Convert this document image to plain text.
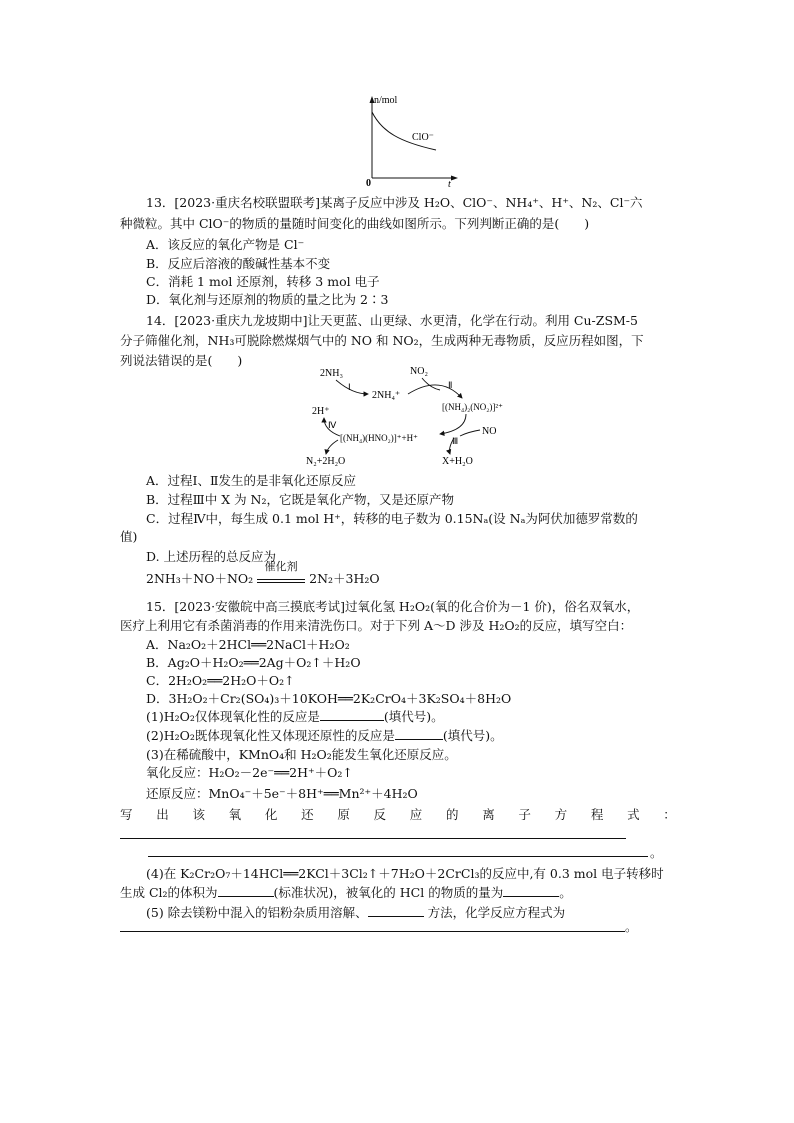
n/mol
ClO⁻
0	t
13．[2023·重庆名校联盟联考]某离子反应中涉及 H₂O、ClO⁻、NH₄⁺、H⁺、N₂、Cl⁻六
种微粒。其中 ClO⁻的物质的量随时间变化的曲线如图所示。下列判断正确的是(　　)
A．该反应的氧化产物是 Cl⁻
B．反应后溶液的酸碱性基本不变
C．消耗 1 mol 还原剂，转移 3 mol 电子
D．氧化剂与还原剂的物质的量之比为 2∶3
14．[2023·重庆九龙坡期中]让天更蓝、山更绿、水更清，化学在行动。利用 Cu-ZSM-5
分子筛催化剂，NH₃可脱除燃煤烟气中的 NO 和 NO₂，生成两种无毒物质，反应历程如图，下
列说法错误的是(　　)
2NH₃
2NH₄⁺
NO₂
[(NH₄)₂(NO₂)]²⁺
2H⁺
[(NH₄)(HNO₂)]⁺+H⁺
NO
N₂+2H₂O	X+H₂O
Ⅰ	Ⅱ
Ⅲ
Ⅳ
A．过程Ⅰ、Ⅱ发生的是非氧化还原反应
B．过程Ⅲ中 X 为 N₂，它既是氧化产物，又是还原产物
C．过程Ⅳ中，每生成 0.1 mol H⁺，转移的电子数为 0.15Nₐ(设 Nₐ为阿伏加德罗常数的
值)
D. 上述历程的总反应为
2NH₃＋NO＋NO₂
催化剂
2N₂＋3H₂O
15．[2023·安徽皖中高三摸底考试]过氧化氢 H₂O₂(氧的化合价为－1 价)，俗名双氧水，
医疗上利用它有杀菌消毒的作用来清洗伤口。对于下列 A～D 涉及 H₂O₂的反应，填写空白：
A．Na₂O₂＋2HCl══2NaCl＋H₂O₂
B．Ag₂O＋H₂O₂══2Ag＋O₂↑＋H₂O
C．2H₂O₂══2H₂O＋O₂↑
D．3H₂O₂＋Cr₂(SO₄)₃＋10KOH══2K₂CrO₄＋3K₂SO₄＋8H₂O
(1)H₂O₂仅体现氧化性的反应是	(填代号)。
(2)H₂O₂既体现氧化性又体现还原性的反应是	(填代号)。
(3)在稀硫酸中，KMnO₄和 H₂O₂能发生氧化还原反应。
氧化反应：H₂O₂－2e⁻══2H⁺＋O₂↑
还原反应：MnO₄⁻＋5e⁻＋8H⁺══Mn²⁺＋4H₂O
写 出 该 氧 化 还 原 反 应 的 离 子 方 程 式 ：
。
(4)在 K₂Cr₂O₇＋14HCl══2KCl＋3Cl₂↑＋7H₂O＋2CrCl₃的反应中,有 0.3 mol 电子转移时
生成 Cl₂的体积为	(标准状况)，被氧化的 HCl 的物质的量为	。
(5) 除去镁粉中混入的铝粉杂质用溶解、	方法，化学反应方程式为
。
